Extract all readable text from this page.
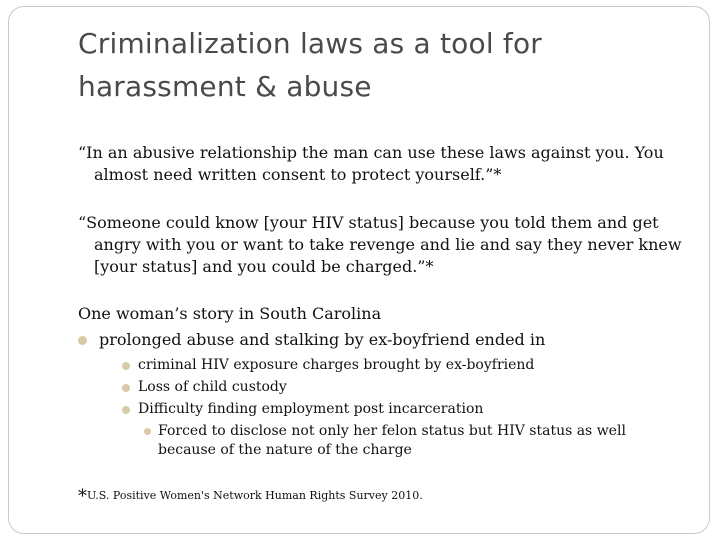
Criminalization laws as a tool for
harassment & abuse
“In an abusive relationship the man can use these laws against you. You almost need written consent to protect yourself.”*
“Someone could know [your HIV status] because you told them and get angry with you or want to take revenge and lie and say they never knew [your status] and you could be charged.”*
One woman’s story in South Carolina
prolonged abuse and stalking by ex-boyfriend ended in
criminal HIV exposure charges brought by ex-boyfriend
Loss of child custody
Difficulty finding employment post incarceration
Forced to disclose not only her felon status but HIV status as well because of the nature of the charge
*U.S. Positive Women's Network Human Rights Survey 2010.
